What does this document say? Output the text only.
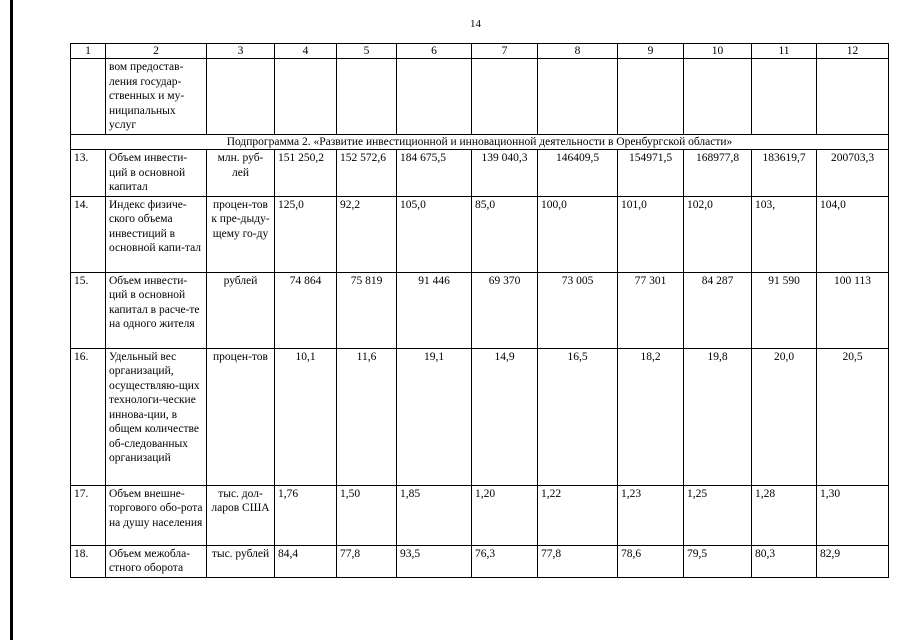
14
1	2	3	4	5	6	7	8	9	10	11	12
	вом предостав-ления государ-ственных и му-ниципальных услуг										
Подпрограмма 2. «Развитие инвестиционной и инновационной деятельности в Оренбургской области»											
13.	Объем инвести-ций в основной капитал	млн. руб-лей	151 250,2	152 572,6	184 675,5	139 040,3	146409,5	154971,5	168977,8	183619,7	200703,3
14.	Индекс физиче-ского объема инвестиций в основной капи-тал	процен-тов к пре-дыду-щему го-ду	125,0	92,2	105,0	85,0	100,0	101,0	102,0	103,	104,0
15.	Объем инвести-ций в основной капитал в расче-те на одного жителя	рублей	74 864	75 819	91 446	69 370	73 005	77 301	84 287	91 590	100 113
16.	Удельный вес организаций, осуществляю-щих технологи-ческие иннова-ции, в общем количестве об-следованных организаций	процен-тов	10,1	11,6	19,1	14,9	16,5	18,2	19,8	20,0	20,5
17.	Объем внешне-торгового обо-рота на душу населения	тыс. дол-ларов США	1,76	1,50	1,85	1,20	1,22	1,23	1,25	1,28	1,30
18.	Объем межобла-стного оборота	тыс. рублей	84,4	77,8	93,5	76,3	77,8	78,6	79,5	80,3	82,9
